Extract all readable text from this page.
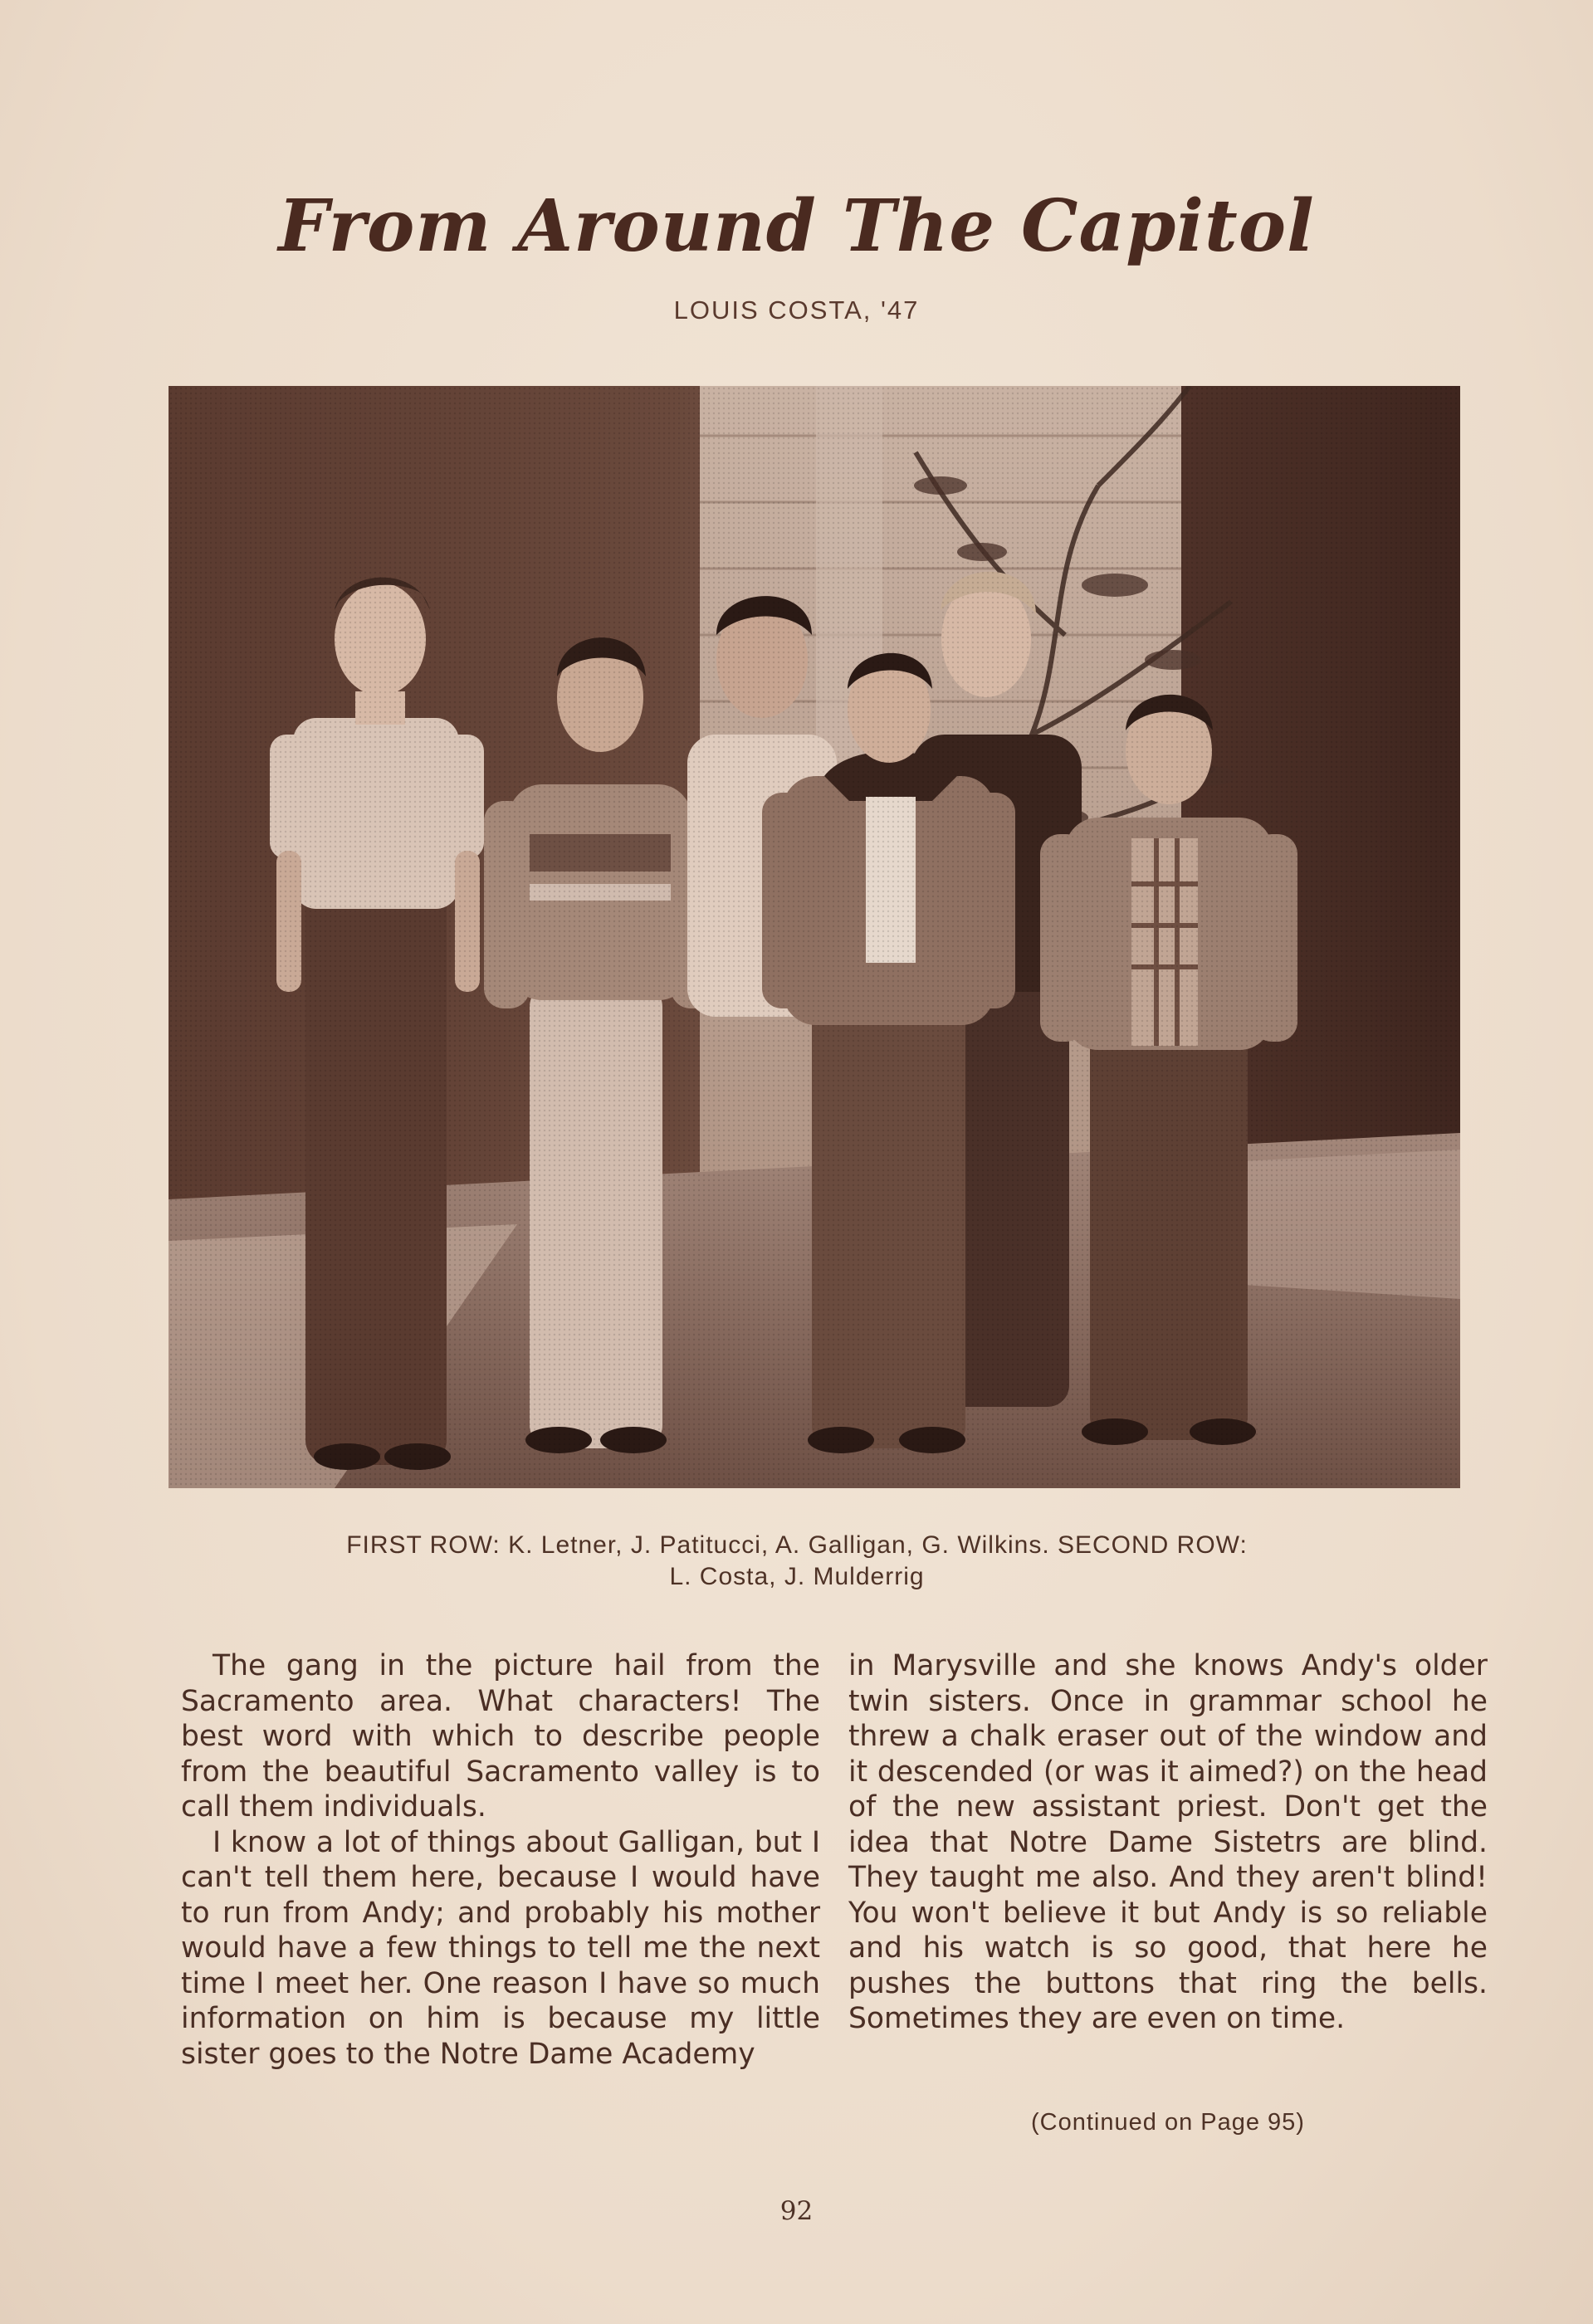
From Around The Capitol

LOUIS COSTA, '47

FIRST ROW: K. Letner, J. Patitucci, A. Galligan, G. Wilkins. SECOND ROW:
L. Costa, J. Mulderrig

The gang in the picture hail from the Sacramento area. What characters! The best word with which to describe people from the beautiful Sacramento valley is to call them individuals.

I know a lot of things about Galligan, but I can't tell them here, because I would have to run from Andy; and probably his mother would have a few things to tell me the next time I meet her. One reason I have so much information on him is because my little sister goes to the Notre Dame Academy

in Marysville and she knows Andy's older twin sisters. Once in grammar school he threw a chalk eraser out of the window and it descended (or was it aimed?) on the head of the new assistant priest. Don't get the idea that Notre Dame Sistetrs are blind. They taught me also. And they aren't blind! You won't believe it but Andy is so reliable and his watch is so good, that here he pushes the buttons that ring the bells. Sometimes they are even on time.

(Continued on Page 95)

92
